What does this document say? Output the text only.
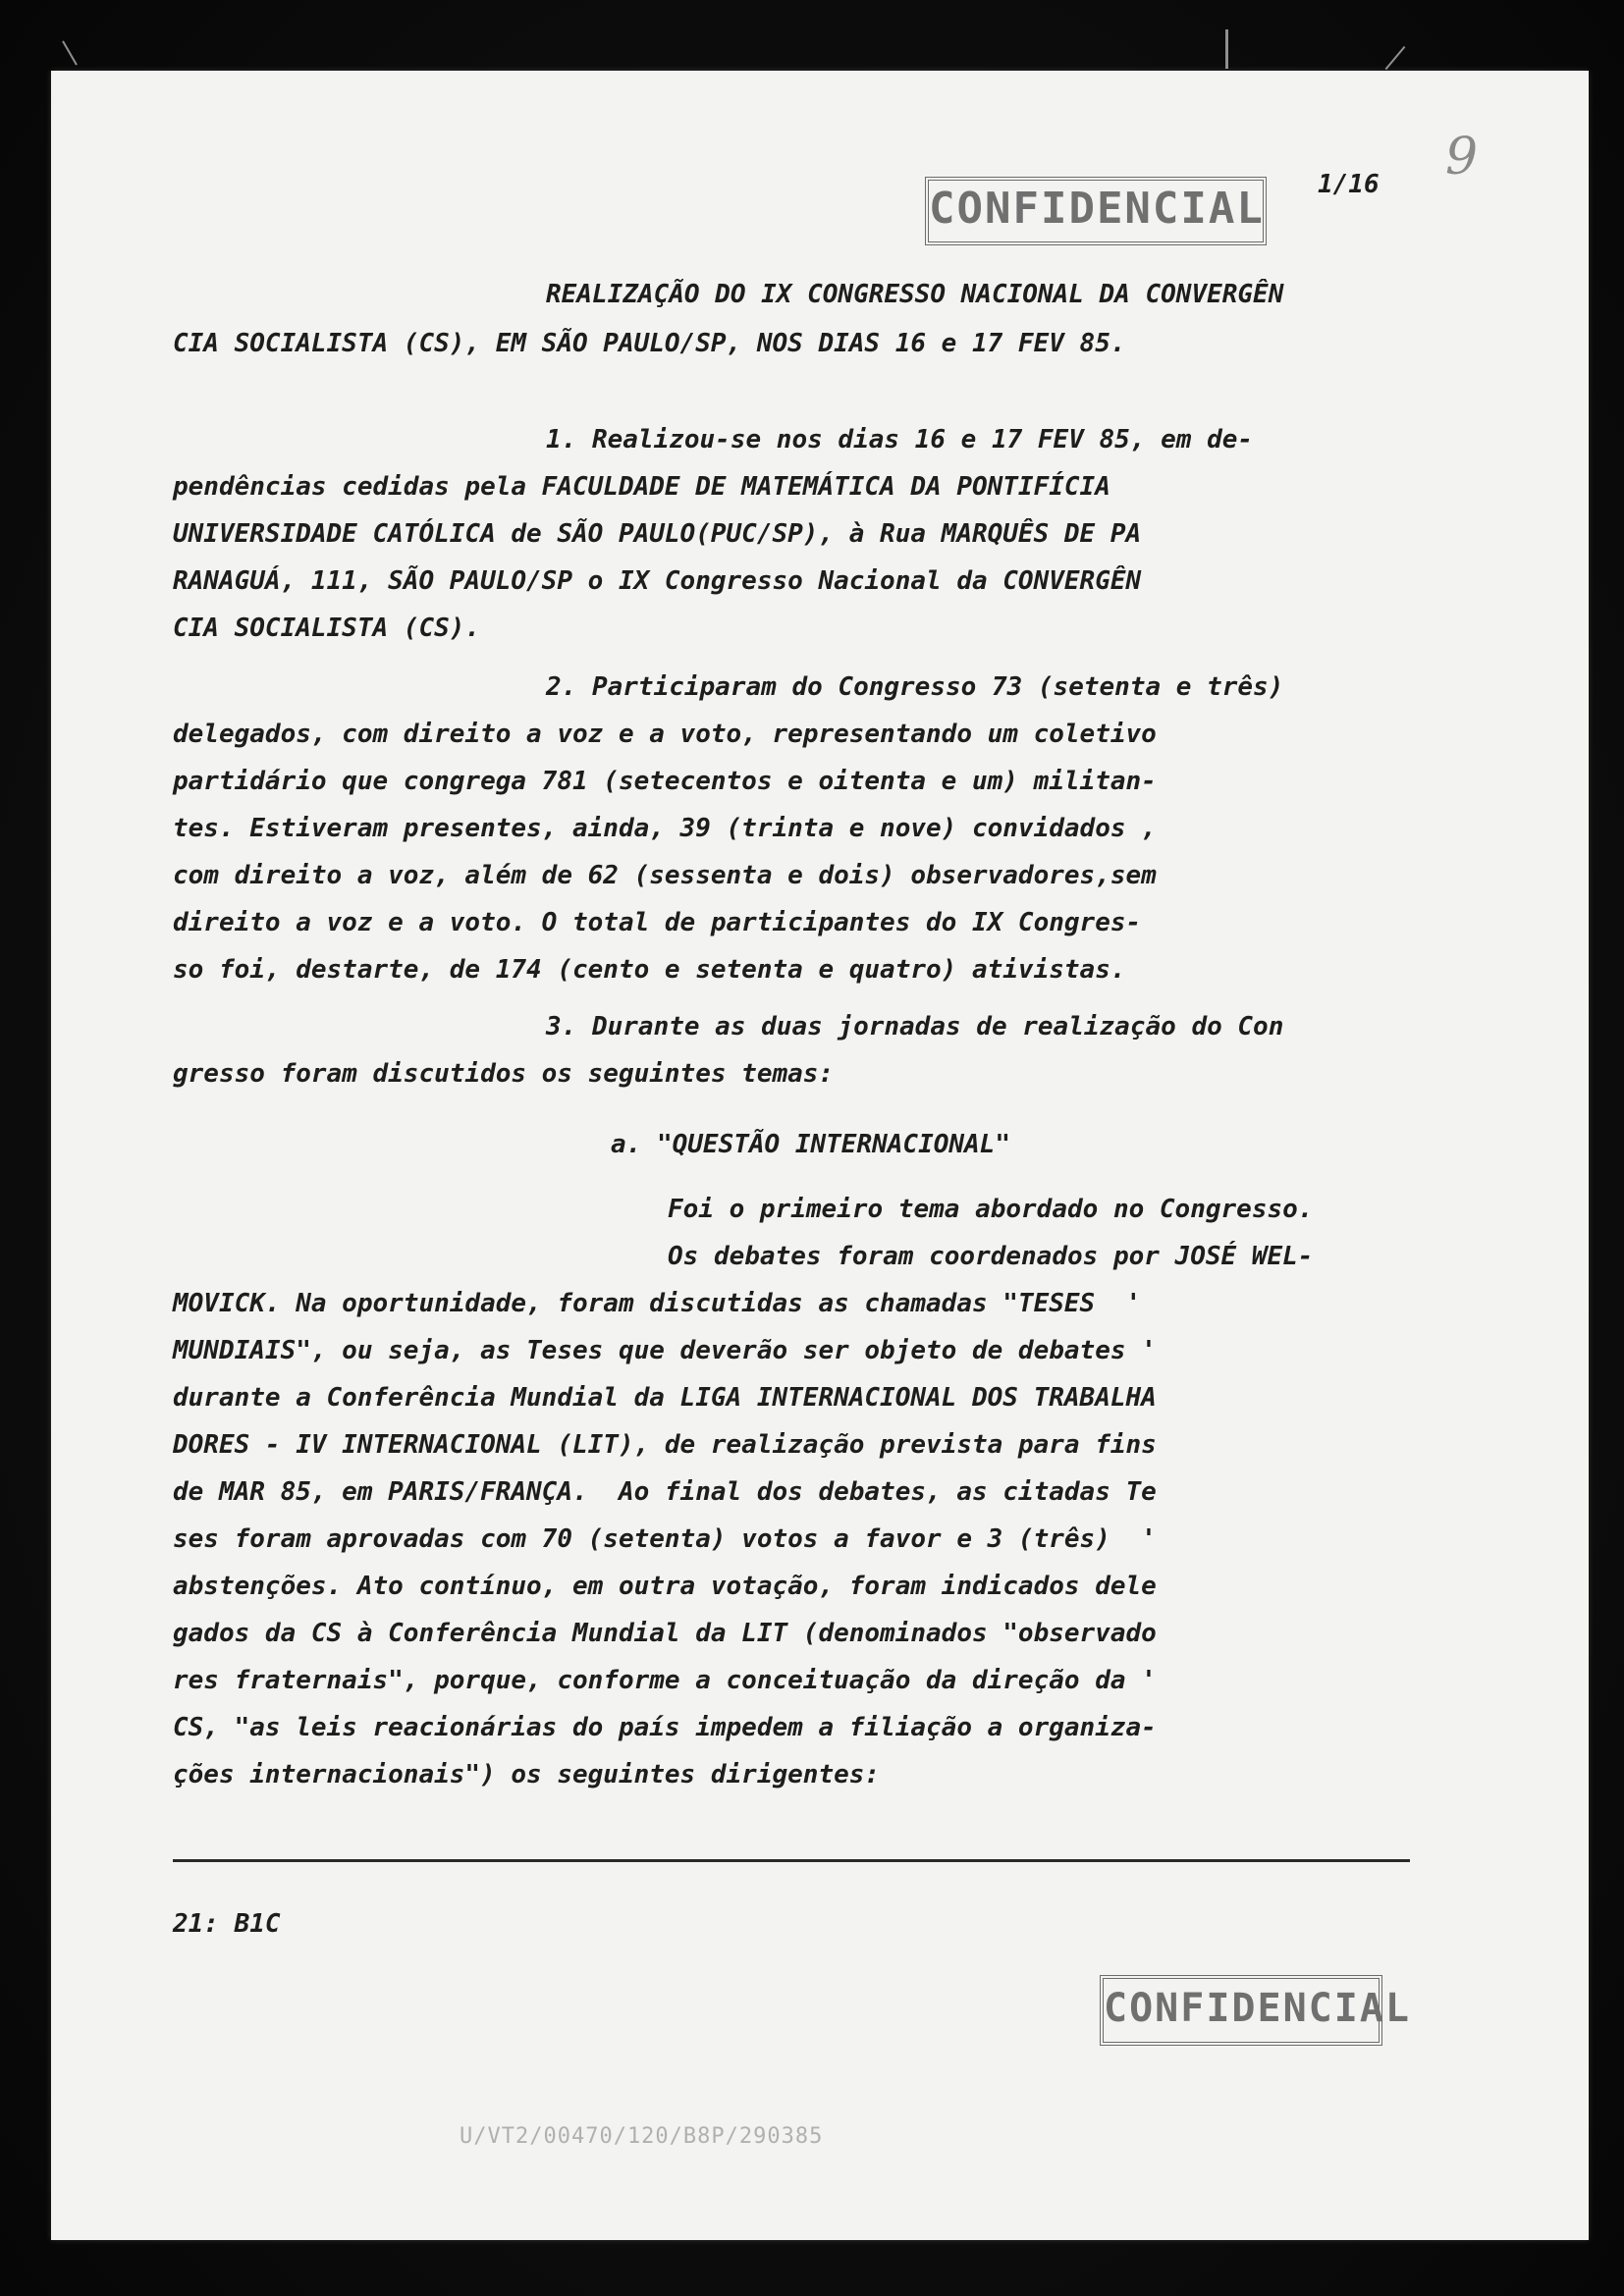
CONFIDENCIAL 1/16 9
REALIZAÇÃO DO IX CONGRESSO NACIONAL DA CONVERGÊN
CIA SOCIALISTA (CS), EM SÃO PAULO/SP, NOS DIAS 16 e 17 FEV 85.
1. Realizou-se nos dias 16 e 17 FEV 85, em de-
pendências cedidas pela FACULDADE DE MATEMÁTICA DA PONTIFÍCIA
UNIVERSIDADE CATÓLICA de SÃO PAULO(PUC/SP), à Rua MARQUÊS DE PA
RANAGUÁ, 111, SÃO PAULO/SP o IX Congresso Nacional da CONVERGÊN
CIA SOCIALISTA (CS).
2. Participaram do Congresso 73 (setenta e três)
delegados, com direito a voz e a voto, representando um coletivo
partidário que congrega 781 (setecentos e oitenta e um) militan-
tes. Estiveram presentes, ainda, 39 (trinta e nove) convidados ,
com direito a voz, além de 62 (sessenta e dois) observadores,sem
direito a voz e a voto. O total de participantes do IX Congres-
so foi, destarte, de 174 (cento e setenta e quatro) ativistas.
3. Durante as duas jornadas de realização do Con
gresso foram discutidos os seguintes temas:
a. "QUESTÃO INTERNACIONAL"
Foi o primeiro tema abordado no Congresso.
Os debates foram coordenados por JOSÉ WEL-
MOVICK. Na oportunidade, foram discutidas as chamadas "TESES  '
MUNDIAIS", ou seja, as Teses que deverão ser objeto de debates '
durante a Conferência Mundial da LIGA INTERNACIONAL DOS TRABALHA
DORES - IV INTERNACIONAL (LIT), de realização prevista para fins
de MAR 85, em PARIS/FRANÇA.  Ao final dos debates, as citadas Te
ses foram aprovadas com 70 (setenta) votos a favor e 3 (três)  '
abstenções. Ato contínuo, em outra votação, foram indicados dele
gados da CS à Conferência Mundial da LIT (denominados "observado
res fraternais", porque, conforme a conceituação da direção da '
CS, "as leis reacionárias do país impedem a filiação a organiza-
ções internacionais") os seguintes dirigentes:
21: B1C
CONFIDENCIAL
U/VT2/00470/120/B8P/290385
